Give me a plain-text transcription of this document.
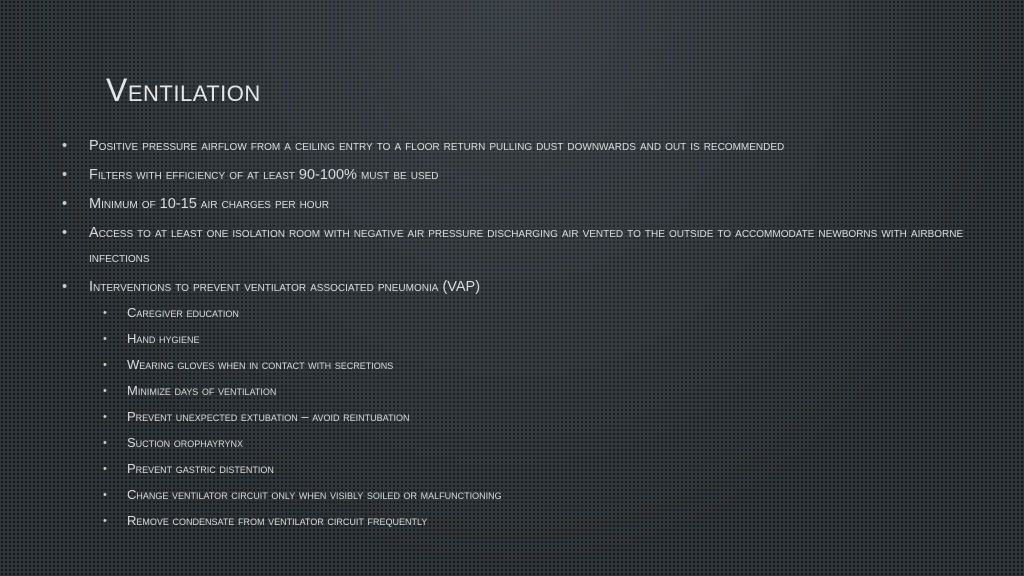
Ventilation
• Positive pressure airflow from a ceiling entry to a floor return pulling dust downwards and out is recommended
• Filters with efficiency of at least 90-100% must be used
• Minimum of 10-15 air charges per hour
• Access to at least one isolation room with negative air pressure discharging air vented to the outside to accommodate newborns with airborne infections
• Interventions to prevent ventilator associated pneumonia (VAP)
• Caregiver education
• Hand hygiene
• Wearing gloves when in contact with secretions
• Minimize days of ventilation
• Prevent unexpected extubation – avoid reintubation
• Suction orophayrynx
• Prevent gastric distention
• Change ventilator circuit only when visibly soiled or malfunctioning
• Remove condensate from ventilator circuit frequently
